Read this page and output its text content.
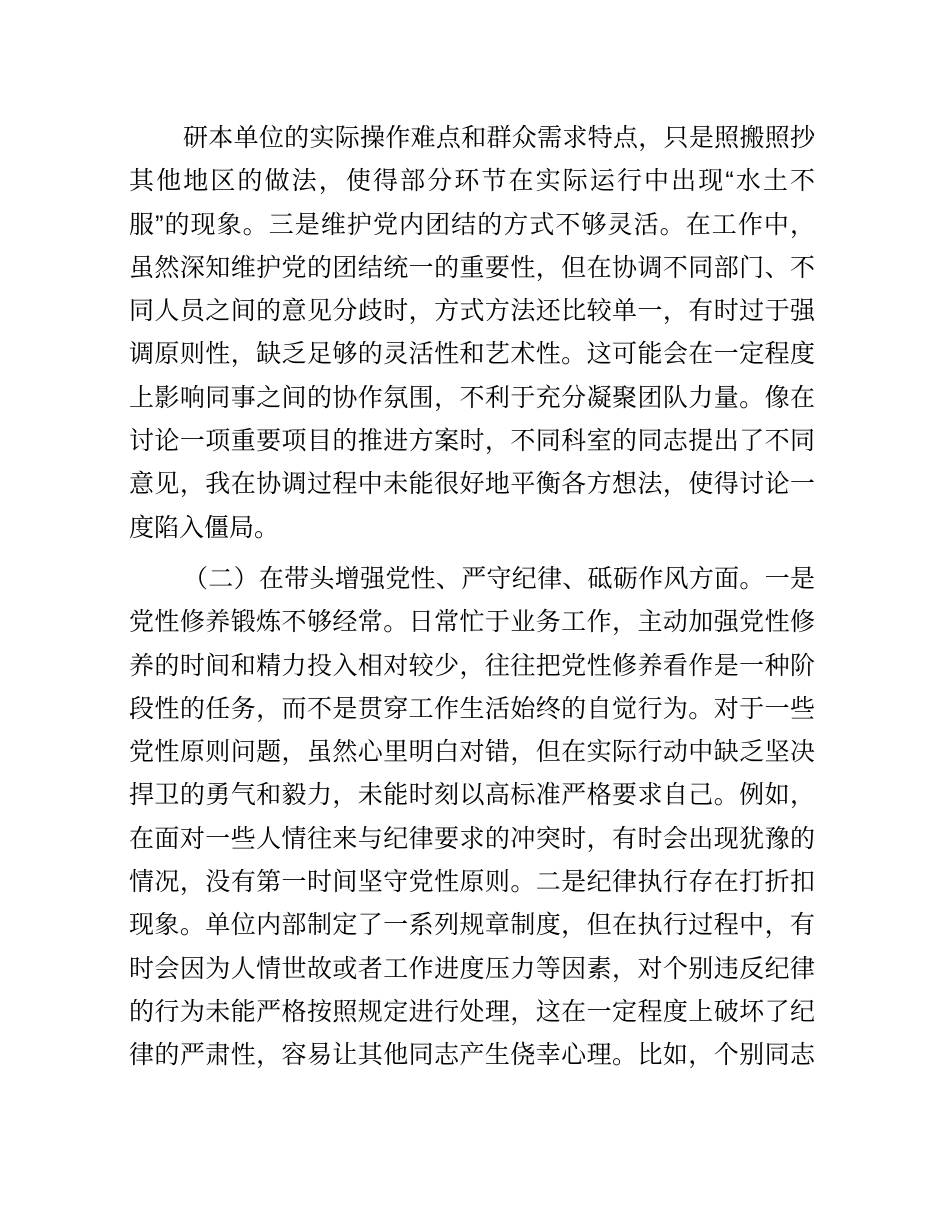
研本单位的实际操作难点和群众需求特点，只是照搬照抄
其他地区的做法，使得部分环节在实际运行中出现“水土不
服”的现象。三是维护党内团结的方式不够灵活。在工作中，
虽然深知维护党的团结统一的重要性，但在协调不同部门、不
同人员之间的意见分歧时，方式方法还比较单一，有时过于强
调原则性，缺乏足够的灵活性和艺术性。这可能会在一定程度
上影响同事之间的协作氛围，不利于充分凝聚团队力量。像在
讨论一项重要项目的推进方案时，不同科室的同志提出了不同
意见，我在协调过程中未能很好地平衡各方想法，使得讨论一
度陷入僵局。
（二）在带头增强党性、严守纪律、砥砺作风方面。一是
党性修养锻炼不够经常。日常忙于业务工作，主动加强党性修
养的时间和精力投入相对较少，往往把党性修养看作是一种阶
段性的任务，而不是贯穿工作生活始终的自觉行为。对于一些
党性原则问题，虽然心里明白对错，但在实际行动中缺乏坚决
捍卫的勇气和毅力，未能时刻以高标准严格要求自己。例如，
在面对一些人情往来与纪律要求的冲突时，有时会出现犹豫的
情况，没有第一时间坚守党性原则。二是纪律执行存在打折扣
现象。单位内部制定了一系列规章制度，但在执行过程中，有
时会因为人情世故或者工作进度压力等因素，对个别违反纪律
的行为未能严格按照规定进行处理，这在一定程度上破坏了纪
律的严肃性，容易让其他同志产生侥幸心理。比如，个别同志
